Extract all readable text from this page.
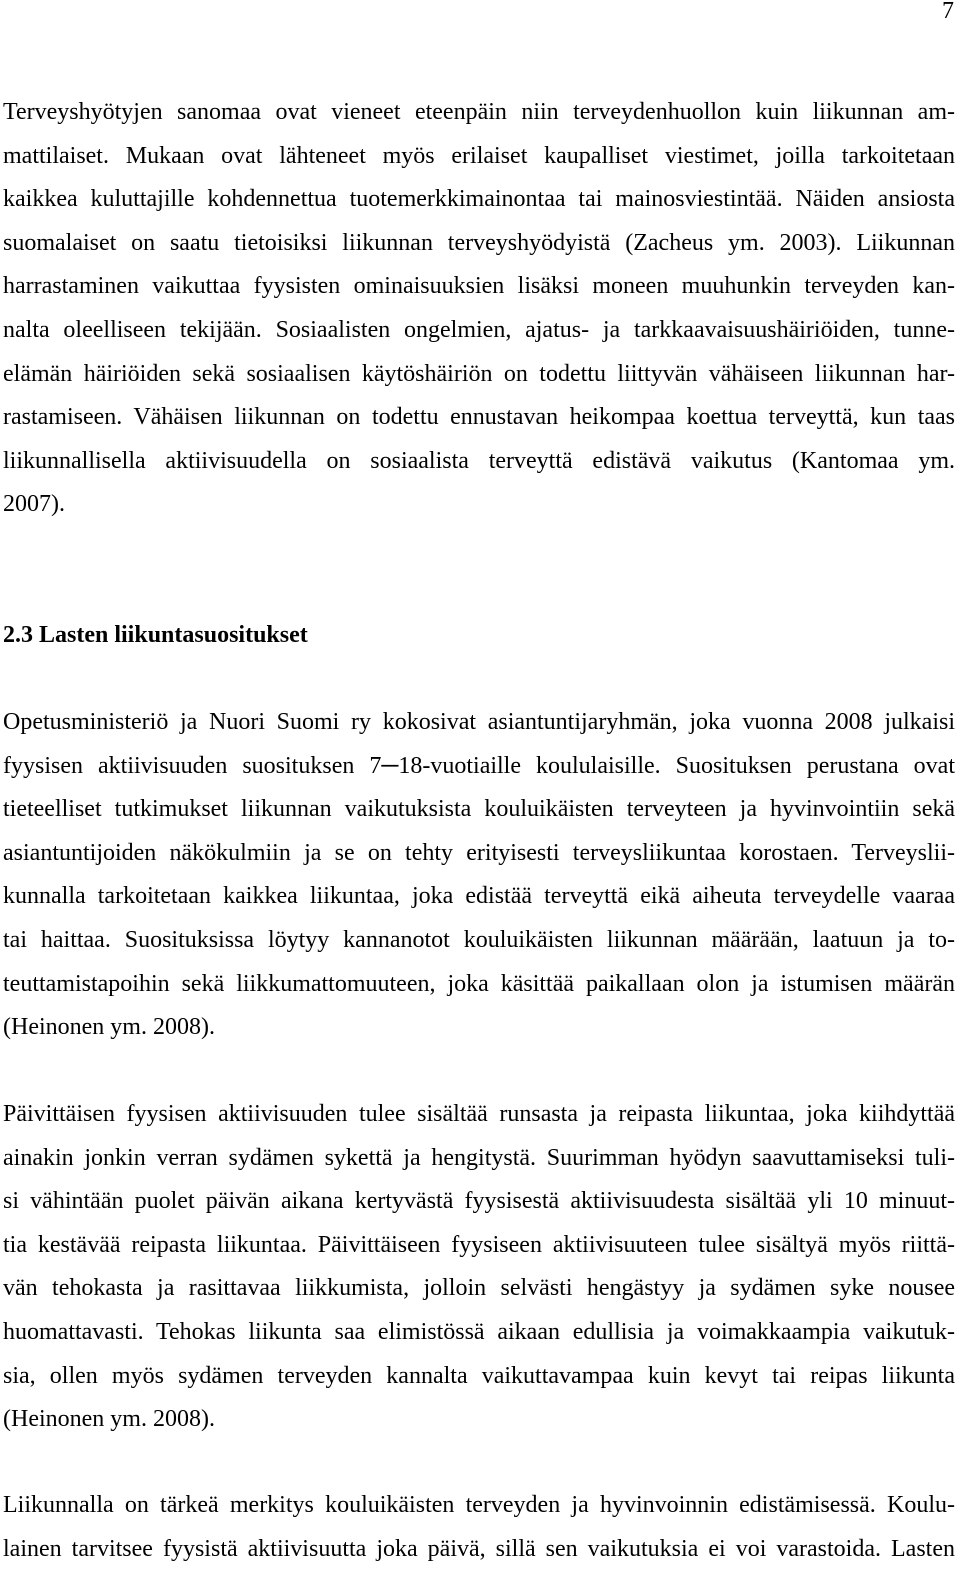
7
Terveyshyötyjen sanomaa ovat vieneet eteenpäin niin terveydenhuollon kuin liikunnan am-
mattilaiset. Mukaan ovat lähteneet myös erilaiset kaupalliset viestimet, joilla tarkoitetaan
kaikkea kuluttajille kohdennettua tuotemerkkimainontaa tai mainosviestintää. Näiden ansiosta
suomalaiset on saatu tietoisiksi liikunnan terveyshyödyistä (Zacheus ym. 2003). Liikunnan
harrastaminen vaikuttaa fyysisten ominaisuuksien lisäksi moneen muuhunkin terveyden kan-
nalta oleelliseen tekijään. Sosiaalisten ongelmien, ajatus- ja tarkkaavaisuushäiriöiden, tunne-
elämän häiriöiden sekä sosiaalisen käytöshäiriön on todettu liittyvän vähäiseen liikunnan har-
rastamiseen. Vähäisen liikunnan on todettu ennustavan heikompaa koettua terveyttä, kun taas
liikunnallisella aktiivisuudella on sosiaalista terveyttä edistävä vaikutus (Kantomaa ym.
2007).
2.3 Lasten liikuntasuositukset
Opetusministeriö ja Nuori Suomi ry kokosivat asiantuntijaryhmän, joka vuonna 2008 julkaisi
fyysisen aktiivisuuden suosituksen 7─18-vuotiaille koululaisille. Suosituksen perustana ovat
tieteelliset tutkimukset liikunnan vaikutuksista kouluikäisten terveyteen ja hyvinvointiin sekä
asiantuntijoiden näkökulmiin ja se on tehty erityisesti terveysliikuntaa korostaen. Terveyslii-
kunnalla tarkoitetaan kaikkea liikuntaa, joka edistää terveyttä eikä aiheuta terveydelle vaaraa
tai haittaa. Suosituksissa löytyy kannanotot kouluikäisten liikunnan määrään, laatuun ja to-
teuttamistapoihin sekä liikkumattomuuteen, joka käsittää paikallaan olon ja istumisen määrän
(Heinonen ym. 2008).
Päivittäisen fyysisen aktiivisuuden tulee sisältää runsasta ja reipasta liikuntaa, joka kiihdyttää
ainakin jonkin verran sydämen sykettä ja hengitystä. Suurimman hyödyn saavuttamiseksi tuli-
si vähintään puolet päivän aikana kertyvästä fyysisestä aktiivisuudesta sisältää yli 10 minuut-
tia kestävää reipasta liikuntaa. Päivittäiseen fyysiseen aktiivisuuteen tulee sisältyä myös riittä-
vän tehokasta ja rasittavaa liikkumista, jolloin selvästi hengästyy ja sydämen syke nousee
huomattavasti. Tehokas liikunta saa elimistössä aikaan edullisia ja voimakkaampia vaikutuk-
sia, ollen myös sydämen terveyden kannalta vaikuttavampaa kuin kevyt tai reipas liikunta
(Heinonen ym. 2008).
Liikunnalla on tärkeä merkitys kouluikäisten terveyden ja hyvinvoinnin edistämisessä. Koulu-
lainen tarvitsee fyysistä aktiivisuutta joka päivä, sillä sen vaikutuksia ei voi varastoida. Lasten
